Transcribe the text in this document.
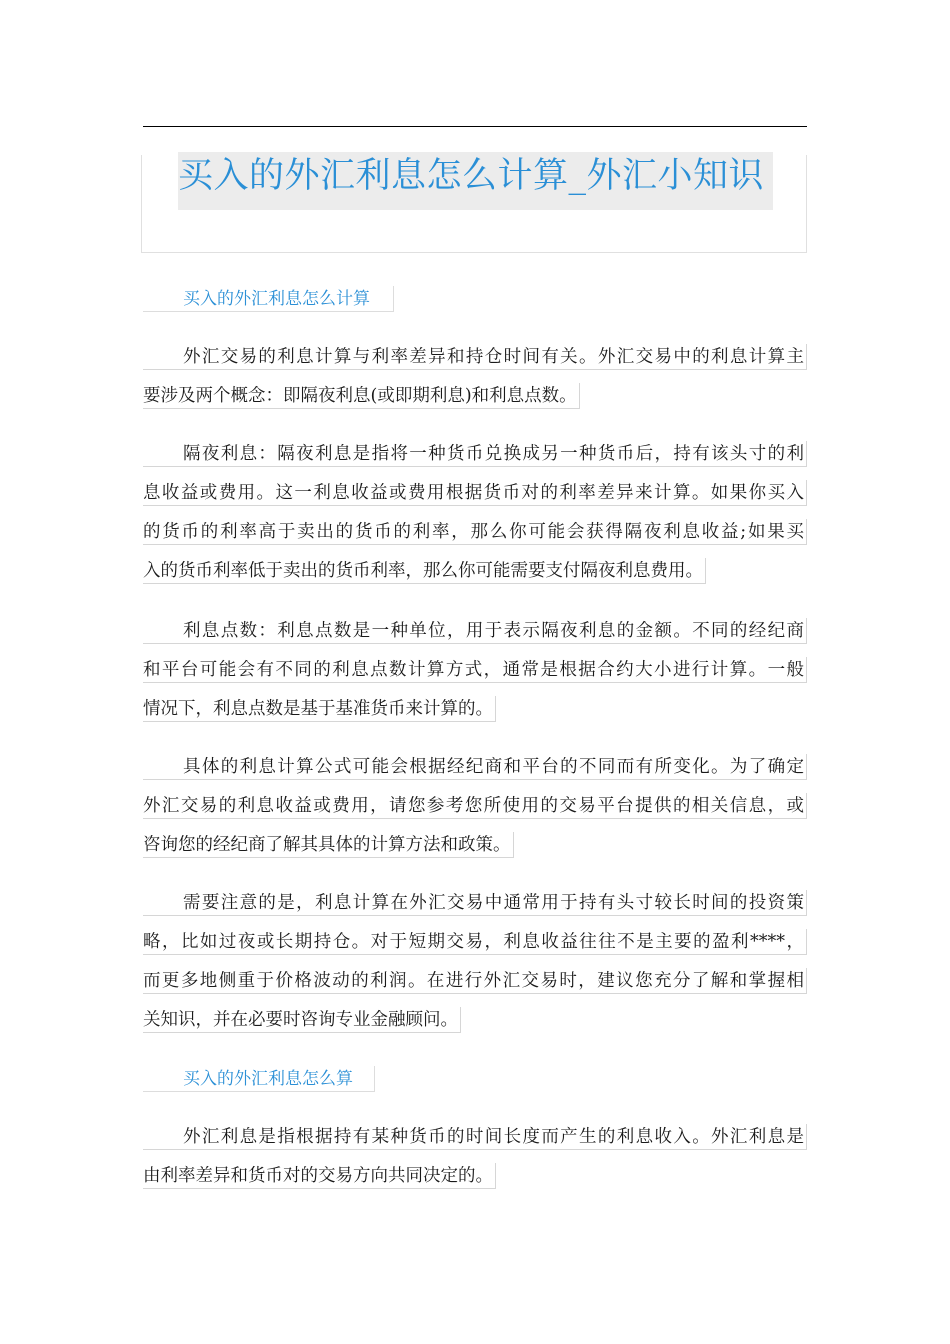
买入的外汇利息怎么计算_外汇小知识
买入的外汇利息怎么计算
外汇交易的利息计算与利率差异和持仓时间有关。外汇交易中的利息计算主
要涉及两个概念：即隔夜利息(或即期利息)和利息点数。
隔夜利息：隔夜利息是指将一种货币兑换成另一种货币后，持有该头寸的利
息收益或费用。这一利息收益或费用根据货币对的利率差异来计算。如果你买入
的货币的利率高于卖出的货币的利率，那么你可能会获得隔夜利息收益;如果买
入的货币利率低于卖出的货币利率，那么你可能需要支付隔夜利息费用。
利息点数：利息点数是一种单位，用于表示隔夜利息的金额。不同的经纪商
和平台可能会有不同的利息点数计算方式，通常是根据合约大小进行计算。一般
情况下，利息点数是基于基准货币来计算的。
具体的利息计算公式可能会根据经纪商和平台的不同而有所变化。为了确定
外汇交易的利息收益或费用，请您参考您所使用的交易平台提供的相关信息，或
咨询您的经纪商了解其具体的计算方法和政策。
需要注意的是，利息计算在外汇交易中通常用于持有头寸较长时间的投资策
略，比如过夜或长期持仓。对于短期交易，利息收益往往不是主要的盈利****，
而更多地侧重于价格波动的利润。在进行外汇交易时，建议您充分了解和掌握相
关知识，并在必要时咨询专业金融顾问。
买入的外汇利息怎么算
外汇利息是指根据持有某种货币的时间长度而产生的利息收入。外汇利息是
由利率差异和货币对的交易方向共同决定的。
